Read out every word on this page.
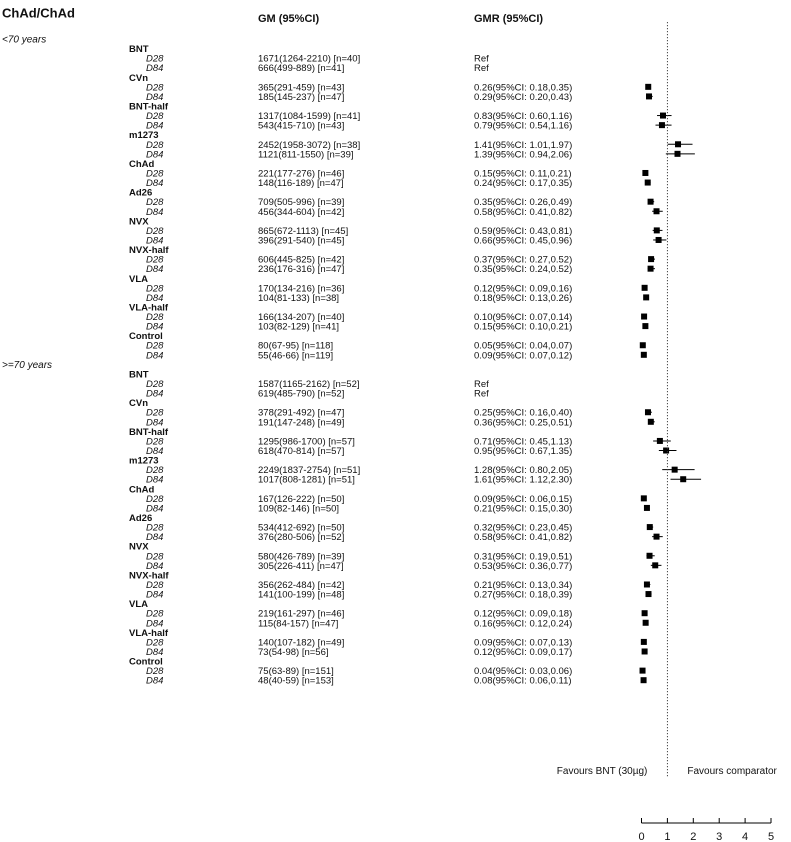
ChAd/ChAd	GM (95%CI)	GMR (95%CI)
<70 years
BNT
D28	1671(1264-2210) [n=40]	Ref
D84	666(499-889) [n=41]	Ref
CVn
D28	365(291-459) [n=43]	0.26(95%CI: 0.18,0.35)
D84	185(145-237) [n=47]	0.29(95%CI: 0.20,0.43)
BNT-half
D28	1317(1084-1599) [n=41]	0.83(95%CI: 0.60,1.16)
D84	543(415-710) [n=43]	0.79(95%CI: 0.54,1.16)
m1273
D28	2452(1958-3072) [n=38]	1.41(95%CI: 1.01,1.97)
D84	1121(811-1550) [n=39]	1.39(95%CI: 0.94,2.06)
ChAd
D28	221(177-276) [n=46]	0.15(95%CI: 0.11,0.21)
D84	148(116-189) [n=47]	0.24(95%CI: 0.17,0.35)
Ad26
D28	709(505-996) [n=39]	0.35(95%CI: 0.26,0.49)
D84	456(344-604) [n=42]	0.58(95%CI: 0.41,0.82)
NVX
D28	865(672-1113) [n=45]	0.59(95%CI: 0.43,0.81)
D84	396(291-540) [n=45]	0.66(95%CI: 0.45,0.96)
NVX-half
D28	606(445-825) [n=42]	0.37(95%CI: 0.27,0.52)
D84	236(176-316) [n=47]	0.35(95%CI: 0.24,0.52)
VLA
D28	170(134-216) [n=36]	0.12(95%CI: 0.09,0.16)
D84	104(81-133) [n=38]	0.18(95%CI: 0.13,0.26)
VLA-half
D28	166(134-207) [n=40]	0.10(95%CI: 0.07,0.14)
D84	103(82-129) [n=41]	0.15(95%CI: 0.10,0.21)
Control
D28	80(67-95) [n=118]	0.05(95%CI: 0.04,0.07)
D84	55(46-66) [n=119]	0.09(95%CI: 0.07,0.12)
>=70 years
BNT
D28	1587(1165-2162) [n=52]	Ref
D84	619(485-790) [n=52]	Ref
CVn
D28	378(291-492) [n=47]	0.25(95%CI: 0.16,0.40)
D84	191(147-248) [n=49]	0.36(95%CI: 0.25,0.51)
BNT-half
D28	1295(986-1700) [n=57]	0.71(95%CI: 0.45,1.13)
D84	618(470-814) [n=57]	0.95(95%CI: 0.67,1.35)
m1273
D28	2249(1837-2754) [n=51]	1.28(95%CI: 0.80,2.05)
D84	1017(808-1281) [n=51]	1.61(95%CI: 1.12,2.30)
ChAd
D28	167(126-222) [n=50]	0.09(95%CI: 0.06,0.15)
D84	109(82-146) [n=50]	0.21(95%CI: 0.15,0.30)
Ad26
D28	534(412-692) [n=50]	0.32(95%CI: 0.23,0.45)
D84	376(280-506) [n=52]	0.58(95%CI: 0.41,0.82)
NVX
D28	580(426-789) [n=39]	0.31(95%CI: 0.19,0.51)
D84	305(226-411) [n=47]	0.53(95%CI: 0.36,0.77)
NVX-half
D28	356(262-484) [n=42]	0.21(95%CI: 0.13,0.34)
D84	141(100-199) [n=48]	0.27(95%CI: 0.18,0.39)
VLA
D28	219(161-297) [n=46]	0.12(95%CI: 0.09,0.18)
D84	115(84-157) [n=47]	0.16(95%CI: 0.12,0.24)
VLA-half
D28	140(107-182) [n=49]	0.09(95%CI: 0.07,0.13)
D84	73(54-98) [n=56]	0.12(95%CI: 0.09,0.17)
Control
D28	75(63-89) [n=151]	0.04(95%CI: 0.03,0.06)
D84	48(40-59) [n=153]	0.08(95%CI: 0.06,0.11)
Favours BNT (30µg)	Favours comparator
0 1 2 3 4 5
